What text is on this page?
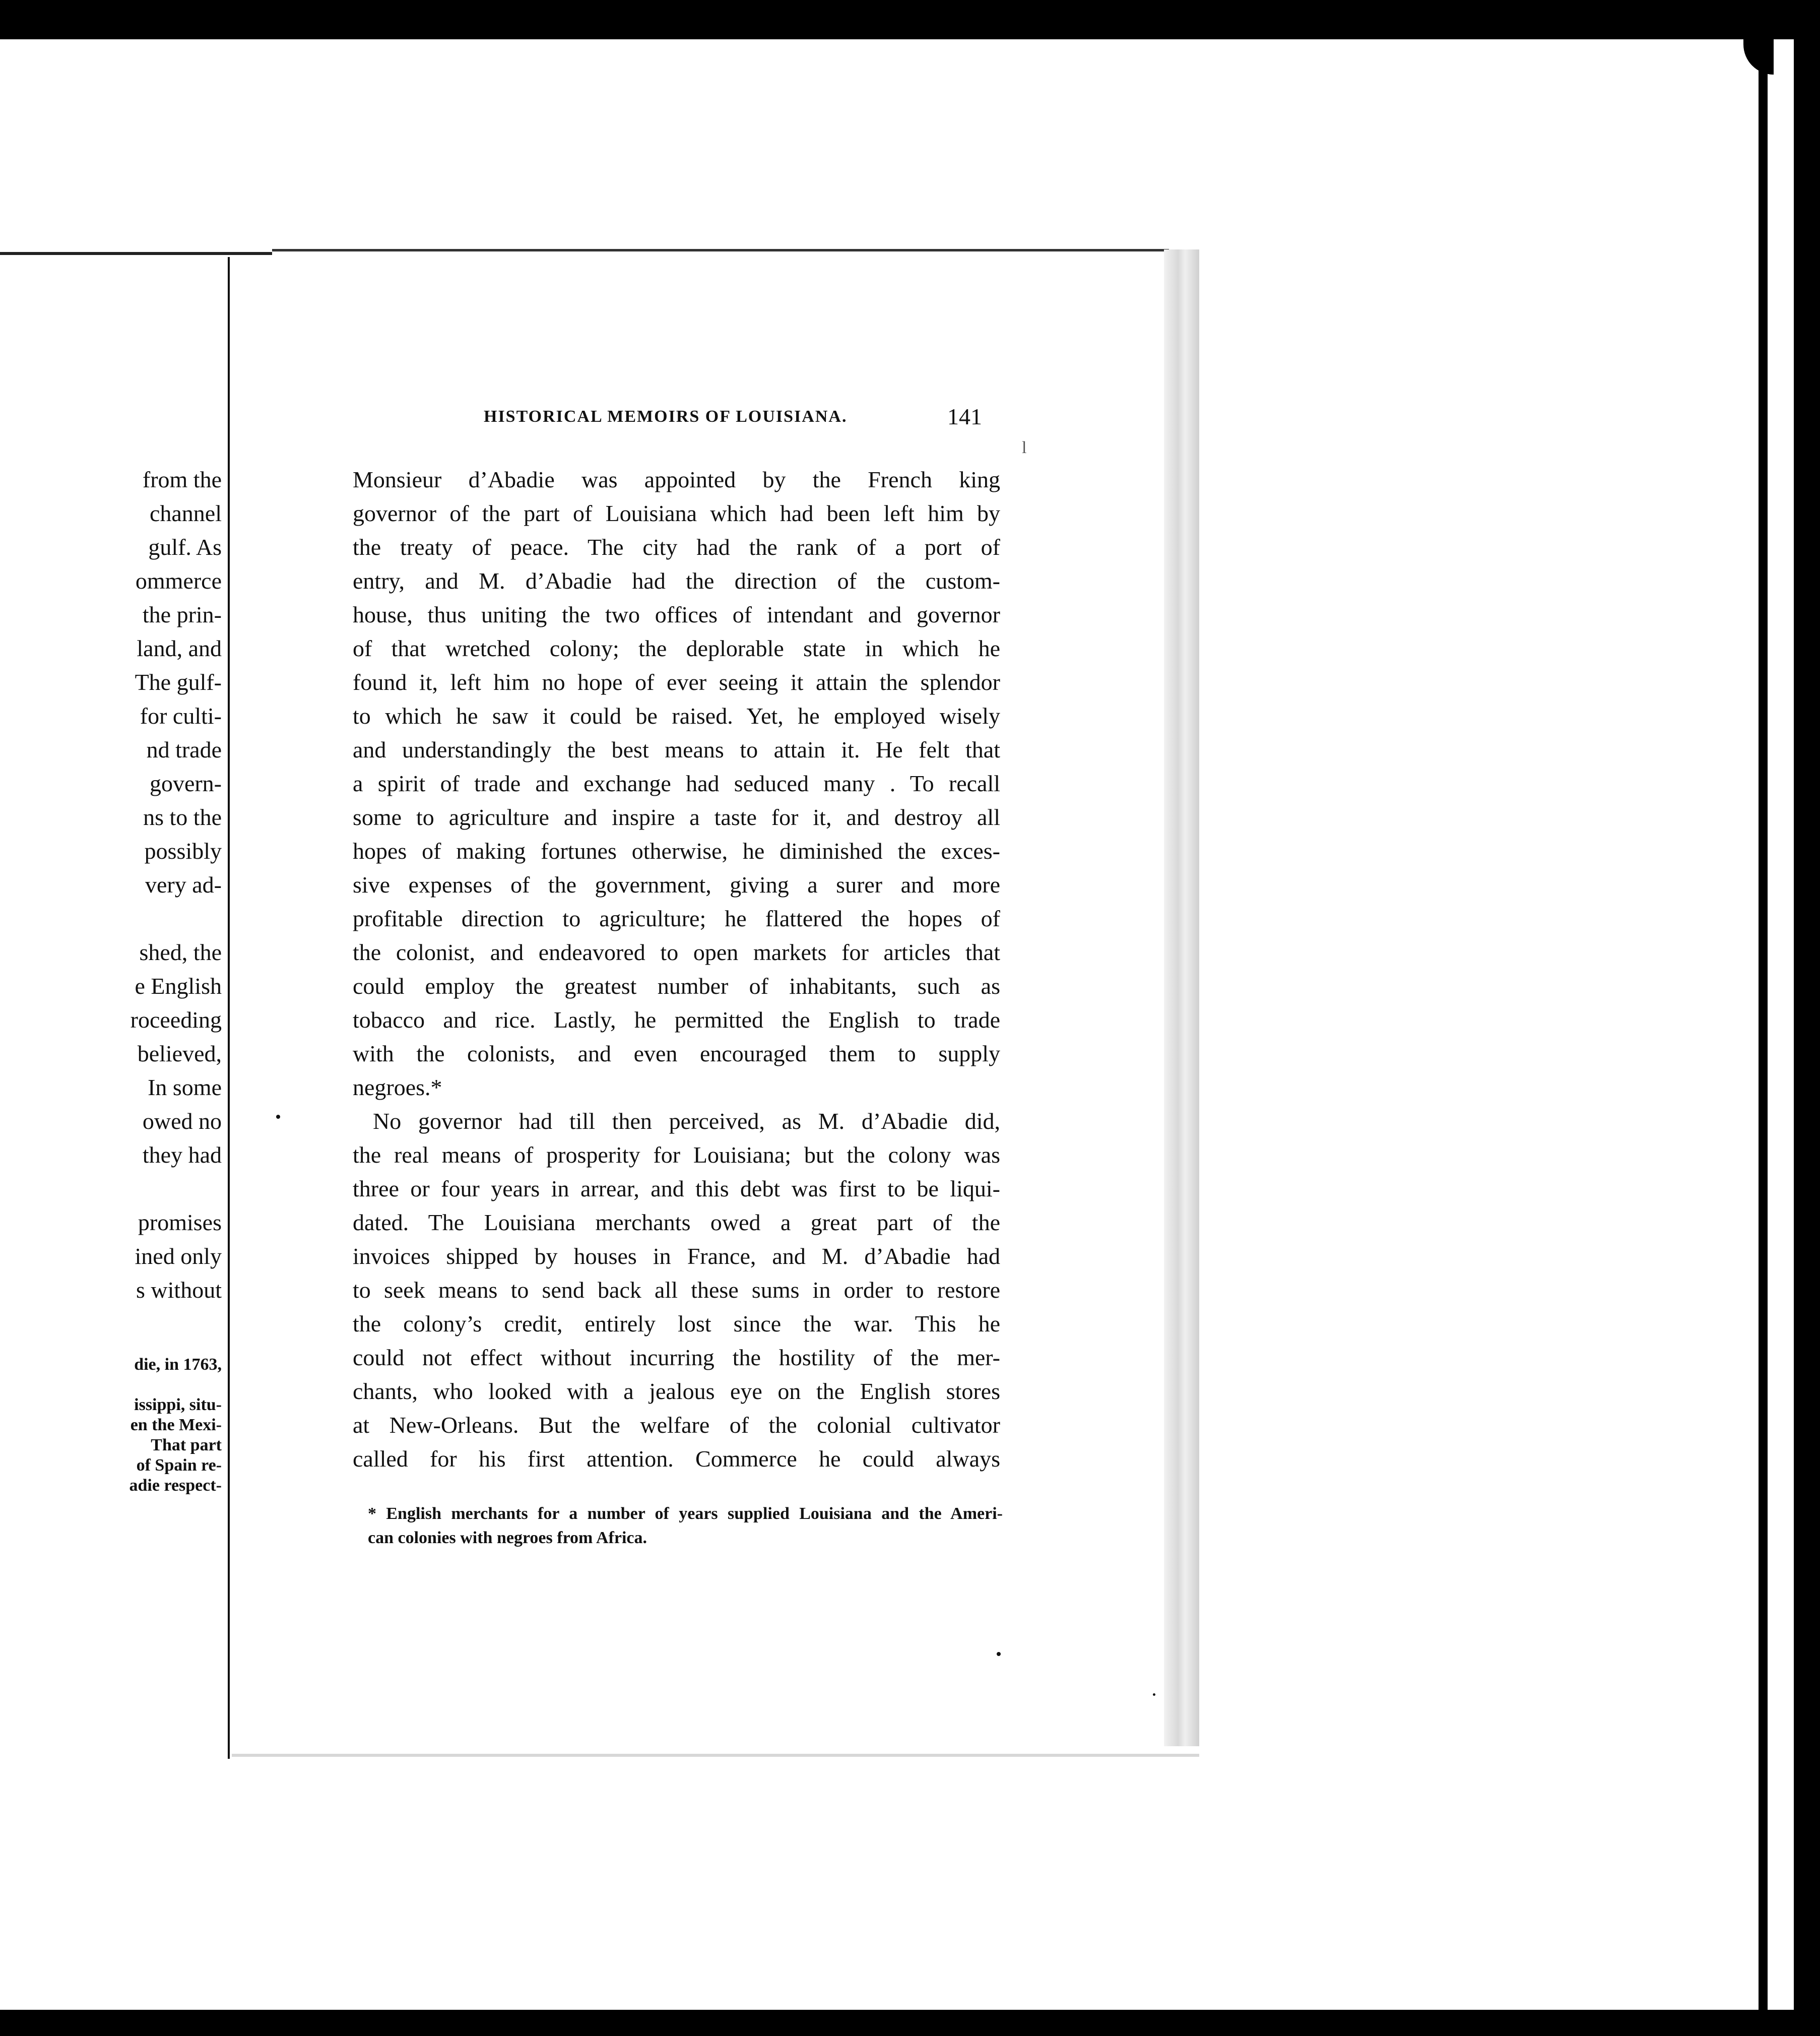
from the
channel
gulf. As
ommerce
the prin-
land, and
The gulf-
for culti-
nd trade
govern-
ns to the
possibly
very ad-
shed, the
e English
roceeding
believed,
In some
owed no
they had
promises
ined only
s without
die, in 1763,
issippi, situ-
en the Mexi-
That part
of Spain re-
adie respect-
HISTORICAL MEMOIRS OF LOUISIANA.	141
l
Monsieur d’Abadie was appointed by the French king
governor of the part of Louisiana which had been left him by
the treaty of peace. The city had the rank of a port of
entry, and M. d’Abadie had the direction of the custom-
house, thus uniting the two offices of intendant and governor
of that wretched colony; the deplorable state in which he
found it, left him no hope of ever seeing it attain the splendor
to which he saw it could be raised. Yet, he employed wisely
and understandingly the best means to attain it. He felt that
a spirit of trade and exchange had seduced many . To recall
some to agriculture and inspire a taste for it, and destroy all
hopes of making fortunes otherwise, he diminished the exces-
sive expenses of the government, giving a surer and more
profitable direction to agriculture; he flattered the hopes of
the colonist, and endeavored to open markets for articles that
could employ the greatest number of inhabitants, such as
tobacco and rice. Lastly, he permitted the English to trade
with the colonists, and even encouraged them to supply
negroes.*
No governor had till then perceived, as M. d’Abadie did,
the real means of prosperity for Louisiana; but the colony was
three or four years in arrear, and this debt was first to be liqui-
dated. The Louisiana merchants owed a great part of the
invoices shipped by houses in France, and M. d’Abadie had
to seek means to send back all these sums in order to restore
the colony’s credit, entirely lost since the war. This he
could not effect without incurring the hostility of the mer-
chants, who looked with a jealous eye on the English stores
at New-Orleans. But the welfare of the colonial cultivator
called for his first attention. Commerce he could always
* English merchants for a number of years supplied Louisiana and the Ameri-
can colonies with negroes from Africa.
